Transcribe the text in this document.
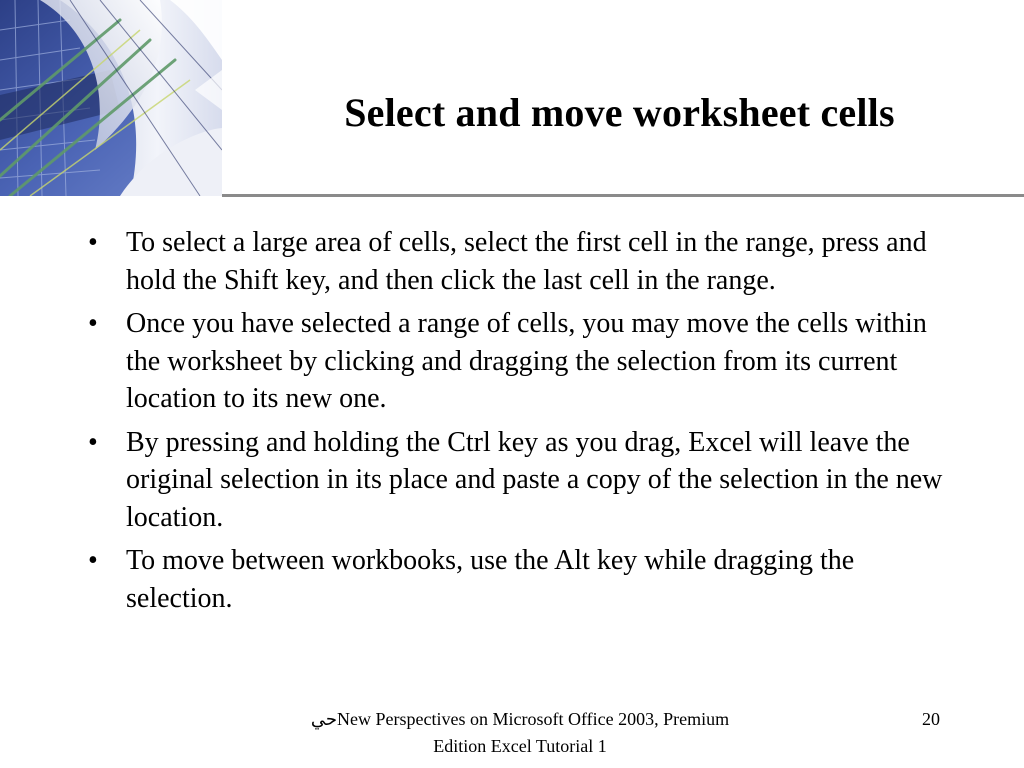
Select and move worksheet cells
• To select a large area of cells, select the first cell in the range, press and hold the Shift key, and then click the last cell in the range.
• Once you have selected a range of cells, you may move the cells within the worksheet by clicking and dragging the selection from its current location to its new one.
• By pressing and holding the Ctrl key as you drag, Excel will leave the original selection in its place and paste a copy of the selection in the new location.
• To move between workbooks, use the Alt key while dragging the selection.
حيNew Perspectives on Microsoft Office 2003, Premium
Edition Excel Tutorial 1
20
